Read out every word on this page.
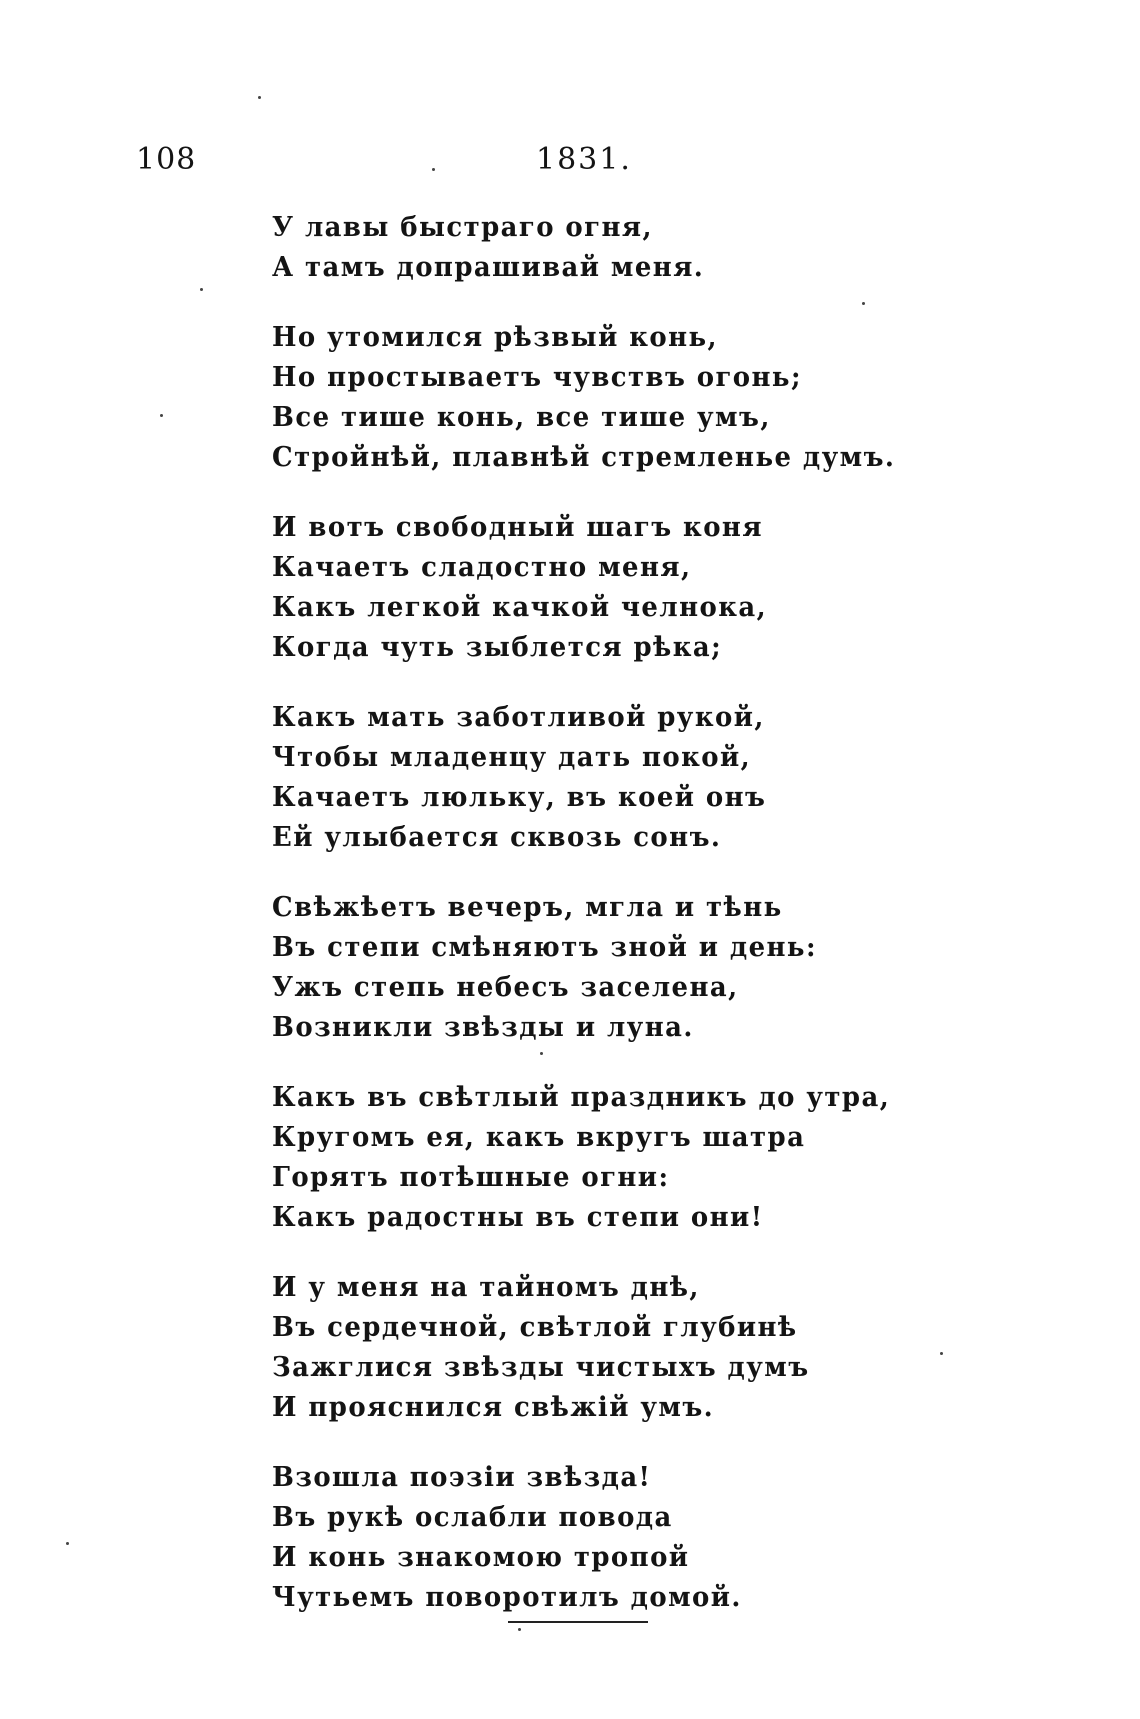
108	1831.
У лавы быстраго огня,
А тамъ допрашивай меня.
Но утомился рѣзвый конь,
Но простываетъ чувствъ огонь;
Все тише конь, все тише умъ,
Стройнѣй, плавнѣй стремленье думъ.
И вотъ свободный шагъ коня
Качаетъ сладостно меня,
Какъ легкой качкой челнока,
Когда чуть зыблется рѣка;
Какъ мать заботливой рукой,
Чтобы младенцу дать покой,
Качаетъ люльку, въ коей онъ
Ей улыбается сквозь сонъ.
Свѣжѣетъ вечеръ, мгла и тѣнь
Въ степи смѣняютъ зной и день:
Ужъ степь небесъ заселена,
Возникли звѣзды и луна.
Какъ въ свѣтлый праздникъ до утра,
Кругомъ ея, какъ вкругъ шатра
Горятъ потѣшные огни:
Какъ радостны въ степи они!
И у меня на тайномъ днѣ,
Въ сердечной, свѣтлой глубинѣ
Зажглися звѣзды чистыхъ думъ
И прояснился свѣжій умъ.
Взошла поэзіи звѣзда!
Въ рукѣ ослабли повода
И конь знакомою тропой
Чутьемъ поворотилъ домой.
